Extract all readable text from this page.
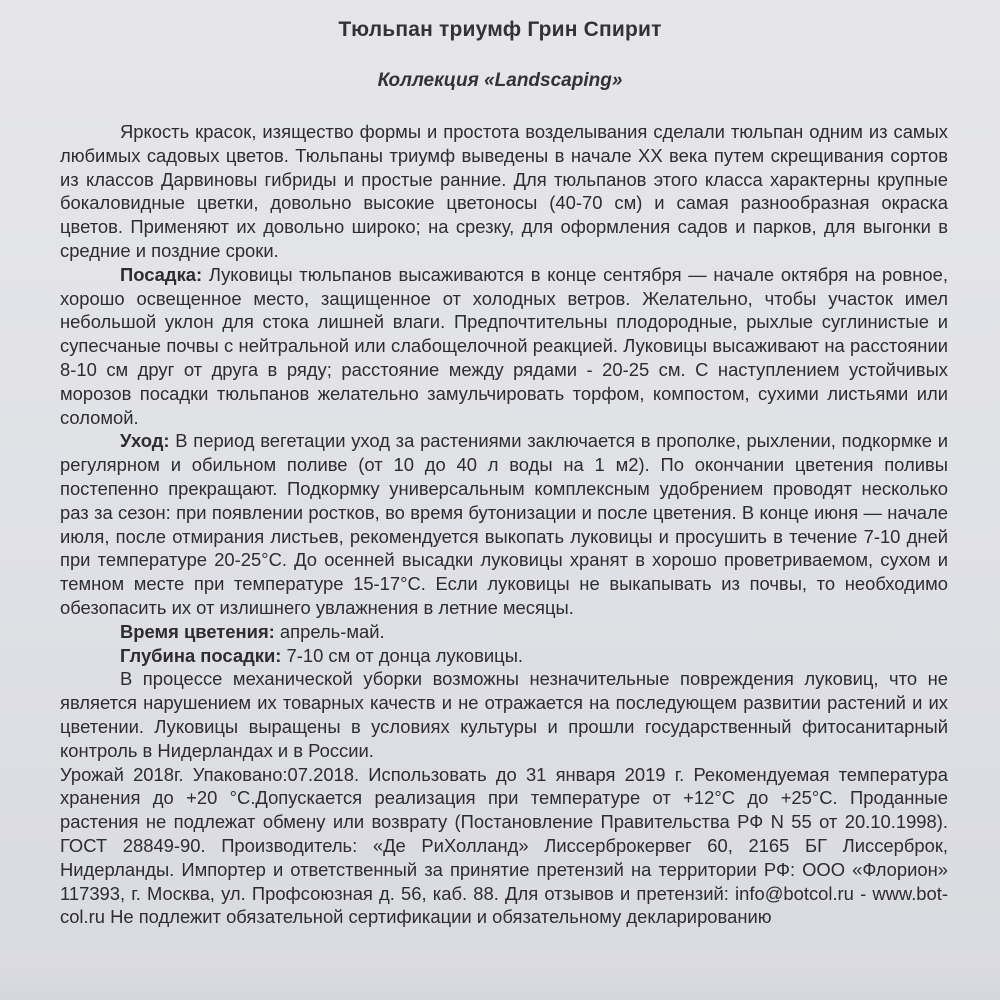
Тюльпан триумф Грин Спирит
Коллекция «Landscaping»

Яркость красок, изящество формы и простота возделывания сделали тюльпан одним из самых любимых садовых цветов. Тюльпаны триумф выведены в начале XX века путем скрещивания сортов из классов Дарвиновы гибриды и простые ранние. Для тюльпанов этого класса характерны крупные бокаловидные цветки, довольно высокие цветоносы (40-70 см) и самая разнообразная окраска цветов. Применяют их довольно широко; на срезку, для оформления садов и парков, для выгонки в средние и поздние сроки.

Посадка: Луковицы тюльпанов высаживаются в конце сентября — начале октября на ровное, хорошо освещенное место, защищенное от холодных ветров. Желательно, чтобы участок имел небольшой уклон для стока лишней влаги. Предпочтительны плодородные, рыхлые суглинистые и супесчаные почвы с нейтральной или слабощелочной реакцией. Луковицы высаживают на расстоянии 8-10 см друг от друга в ряду; расстояние между рядами - 20-25 см. С наступлением устойчивых морозов посадки тюльпанов желательно замульчировать торфом, компостом, сухими листьями или соломой.

Уход: В период вегетации уход за растениями заключается в прополке, рыхлении, подкормке и регулярном и обильном поливе (от 10 до 40 л воды на 1 м2). По окончании цветения поливы постепенно прекращают. Подкормку универсальным комплексным удобрением проводят несколько раз за сезон: при появлении ростков, во время бутонизации и после цветения. В конце июня — начале июля, после отмирания листьев, рекомендуется выкопать луковицы и просушить в течение 7-10 дней при температуре 20-25°С. До осенней высадки луковицы хранят в хорошо проветриваемом, сухом и темном месте при температуре 15-17°С. Если луковицы не выкапывать из почвы, то необходимо обезопасить их от излишнего увлажнения в летние месяцы.

Время цветения: апрель-май.

Глубина посадки: 7-10 см от донца луковицы.

В процессе механической уборки возможны незначительные повреждения луковиц, что не является нарушением их товарных качеств и не отражается на последующем развитии растений и их цветении. Луковицы выращены в условиях культуры и прошли государственный фитосанитарный контроль в Нидерландах и в России.

Урожай 2018г. Упаковано:07.2018. Использовать до 31 января 2019 г. Рекомендуемая температура хранения до +20 °С.Допускается реализация при температуре от +12°С до +25°С. Проданные растения не подлежат обмену или возврату (Постановление Правительства РФ N 55 от 20.10.1998). ГОСТ 28849-90. Производитель: «Де РиХолланд» Лиссерброкервег 60, 2165 БГ Лиссерброк, Нидерланды. Импортер и ответственный за принятие претензий на территории РФ: ООО «Флорион» 117393, г. Москва, ул. Профсоюзная д. 56, каб. 88. Для отзывов и претензий: info@botcol.ru - www.bot-col.ru Не подлежит обязательной сертификации и обязательному декларированию
